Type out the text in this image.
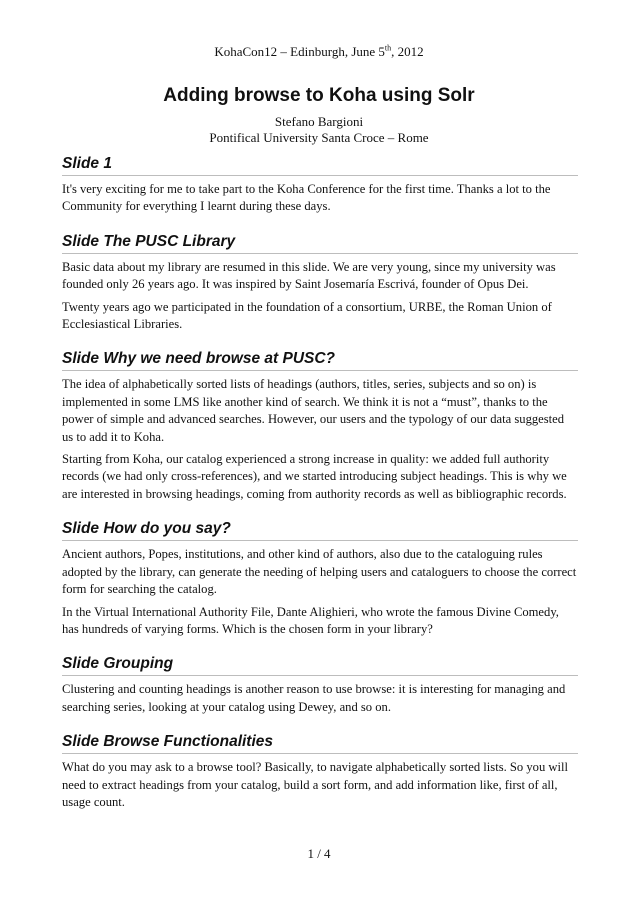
KohaCon12 – Edinburgh, June 5th, 2012
Adding browse to Koha using Solr
Stefano Bargioni
Pontifical University Santa Croce – Rome
Slide 1

It's very exciting for me to take part to the Koha Conference for the first time. Thanks a lot to the Community for everything I learnt during these days.

Slide The PUSC Library

Basic data about my library are resumed in this slide. We are very young, since my university was founded only 26 years ago. It was inspired by Saint Josemaría Escrivá, founder of Opus Dei.

Twenty years ago we participated in the foundation of a consortium, URBE, the Roman Union of Ecclesiastical Libraries.

Slide Why we need browse at PUSC?

The idea of alphabetically sorted lists of headings (authors, titles, series, subjects and so on) is implemented in some LMS like another kind of search. We think it is not a “must”, thanks to the power of simple and advanced searches. However, our users and the typology of our data suggested us to add it to Koha.

Starting from Koha, our catalog experienced a strong increase in quality: we added full authority records (we had only cross-references), and we started introducing subject headings. This is why we are interested in browsing headings, coming from authority records as well as bibliographic records.

Slide How do you say?

Ancient authors, Popes, institutions, and other kind of authors, also due to the cataloguing rules adopted by the library, can generate the needing of helping users and cataloguers to choose the correct form for searching the catalog.

In the Virtual International Authority File, Dante Alighieri, who wrote the famous Divine Comedy, has hundreds of varying forms. Which is the chosen form in your library?

Slide Grouping

Clustering and counting headings is another reason to use browse: it is interesting for managing and searching series, looking at your catalog using Dewey, and so on.

Slide Browse Functionalities

What do you may ask to a browse tool? Basically, to navigate alphabetically sorted lists. So you will need to extract headings from your catalog, build a sort form, and add information like, first of all, usage count.

1 / 4
